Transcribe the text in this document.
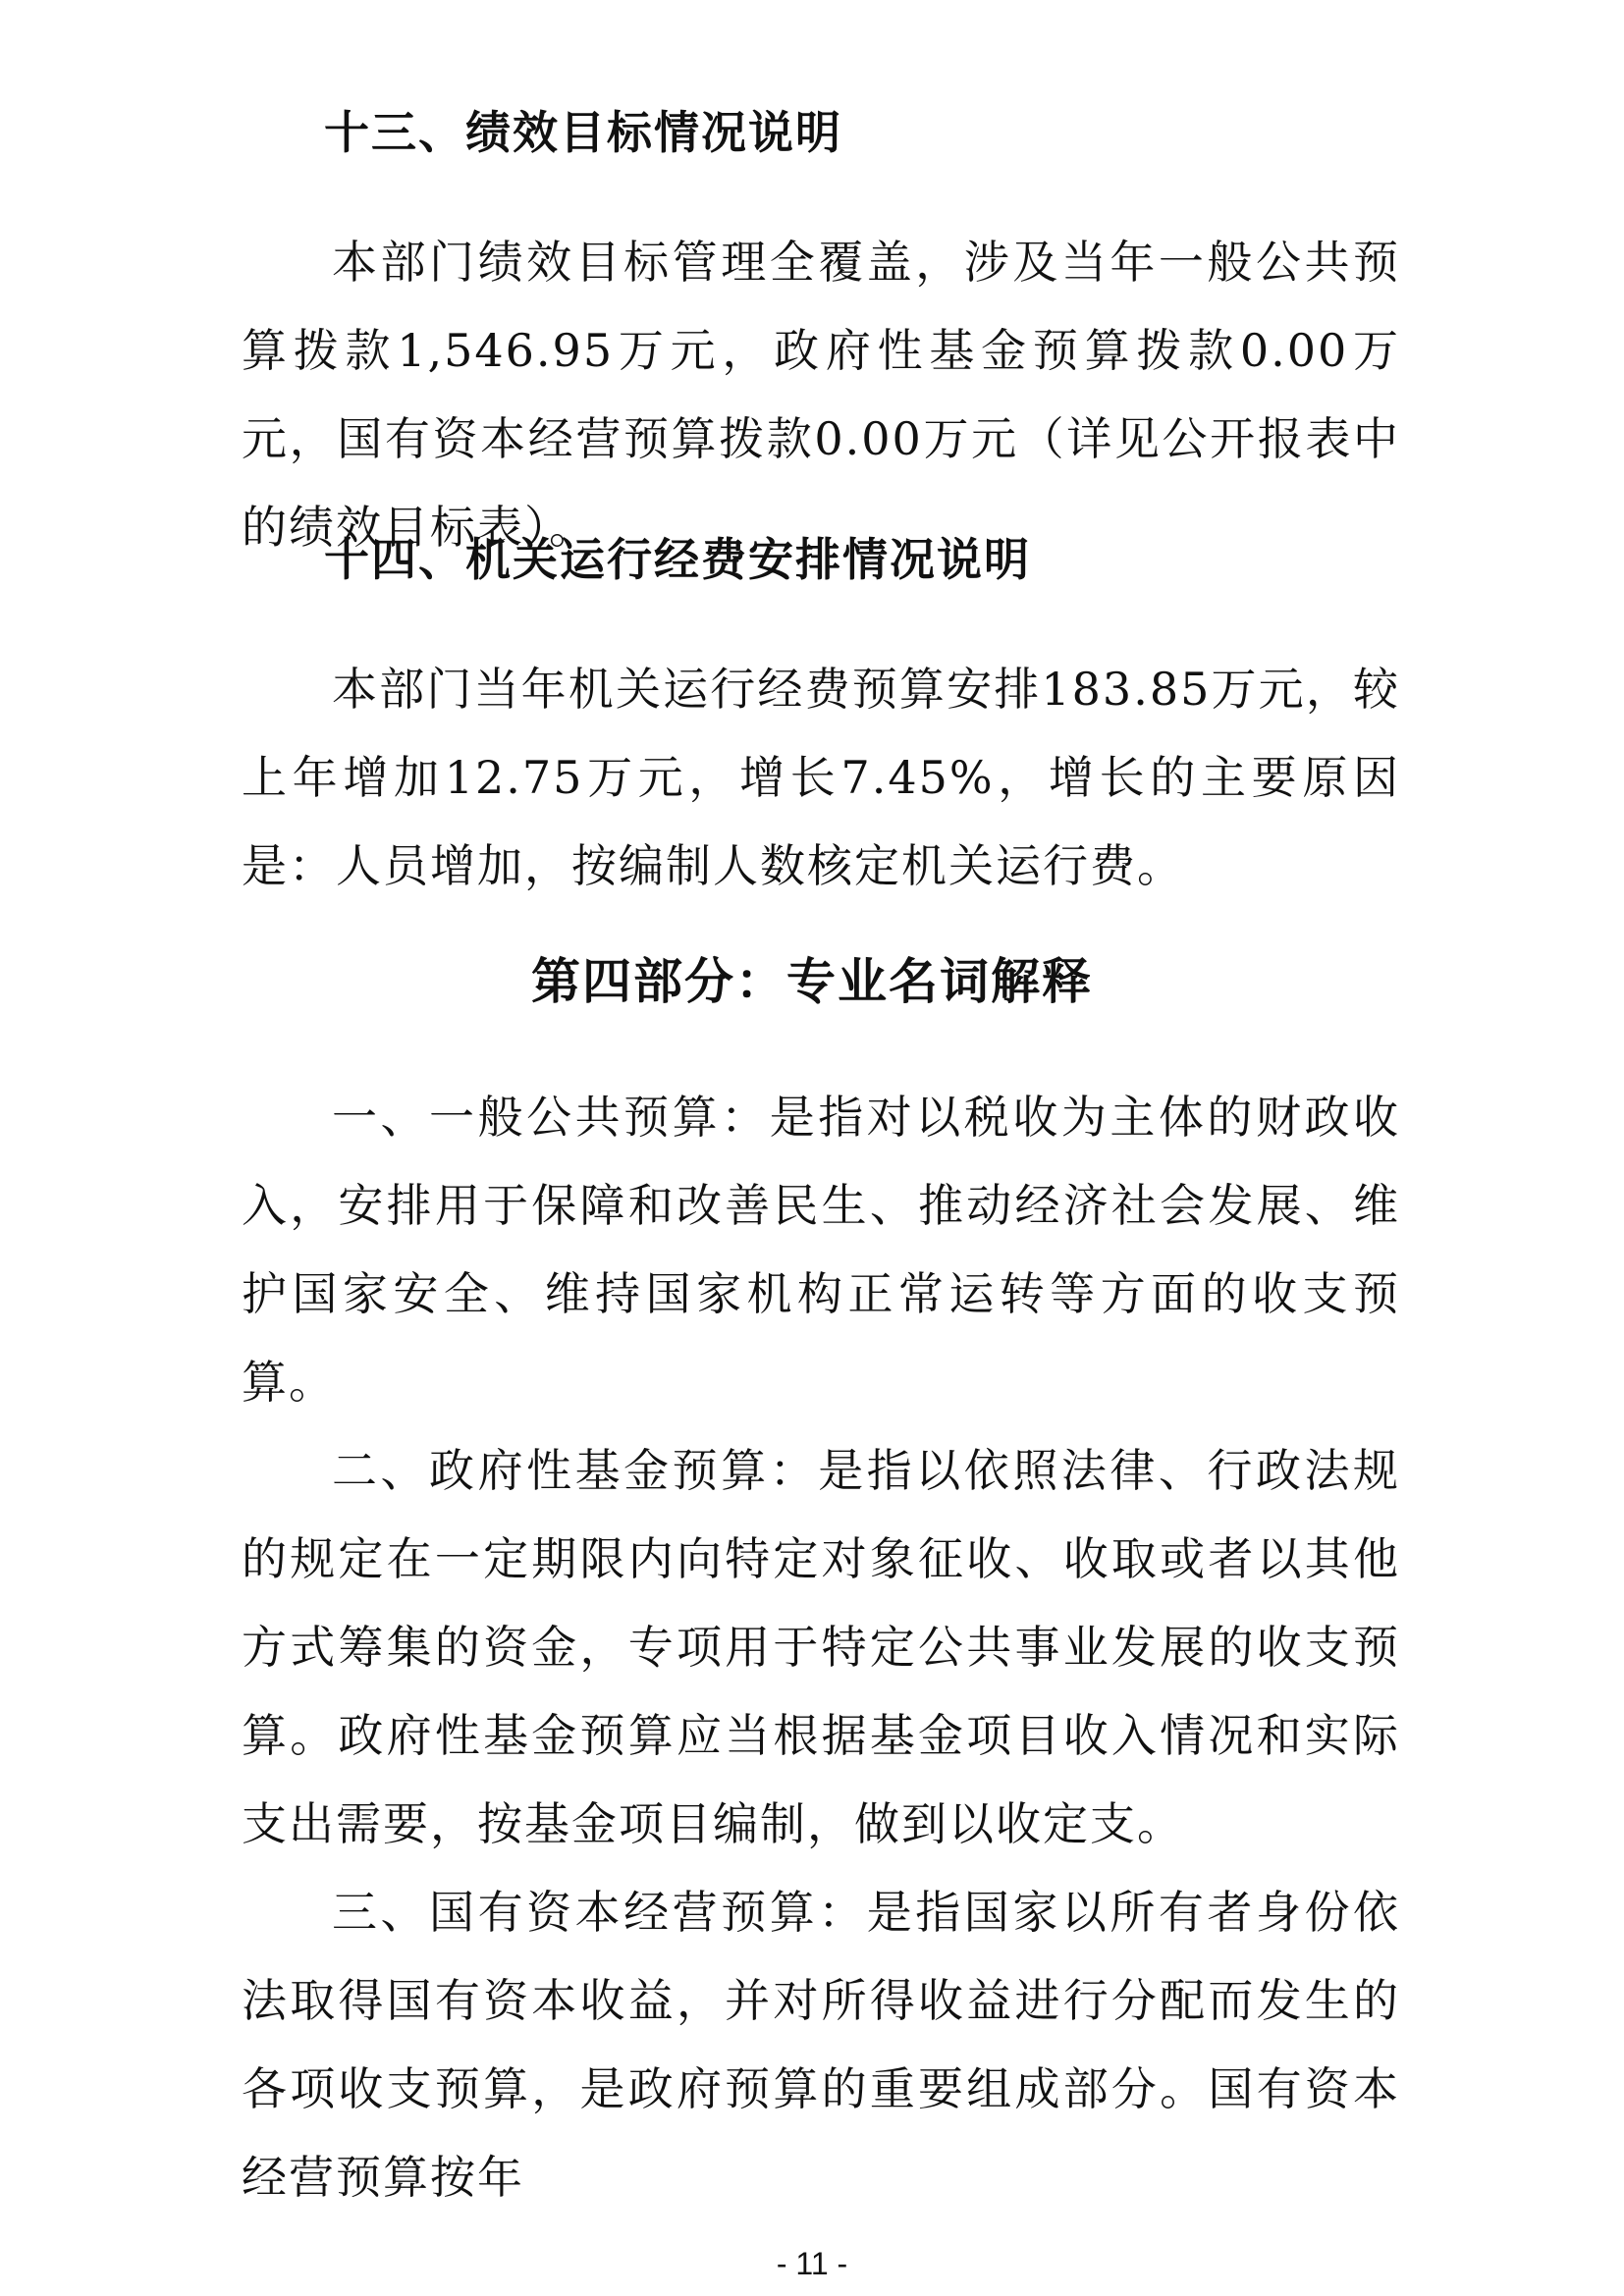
十三、绩效目标情况说明

本部门绩效目标管理全覆盖，涉及当年一般公共预算拨款1,546.95万元，政府性基金预算拨款0.00万元，国有资本经营预算拨款0.00万元（详见公开报表中的绩效目标表）。

十四、机关运行经费安排情况说明

本部门当年机关运行经费预算安排183.85万元，较上年增加12.75万元，增长7.45%，增长的主要原因是：人员增加，按编制人数核定机关运行费。

第四部分：专业名词解释

一、一般公共预算：是指对以税收为主体的财政收入，安排用于保障和改善民生、推动经济社会发展、维护国家安全、维持国家机构正常运转等方面的收支预算。

二、政府性基金预算：是指以依照法律、行政法规的规定在一定期限内向特定对象征收、收取或者以其他方式筹集的资金，专项用于特定公共事业发展的收支预算。政府性基金预算应当根据基金项目收入情况和实际支出需要，按基金项目编制，做到以收定支。

三、国有资本经营预算：是指国家以所有者身份依法取得国有资本收益，并对所得收益进行分配而发生的各项收支预算，是政府预算的重要组成部分。国有资本经营预算按年

- 11 -
